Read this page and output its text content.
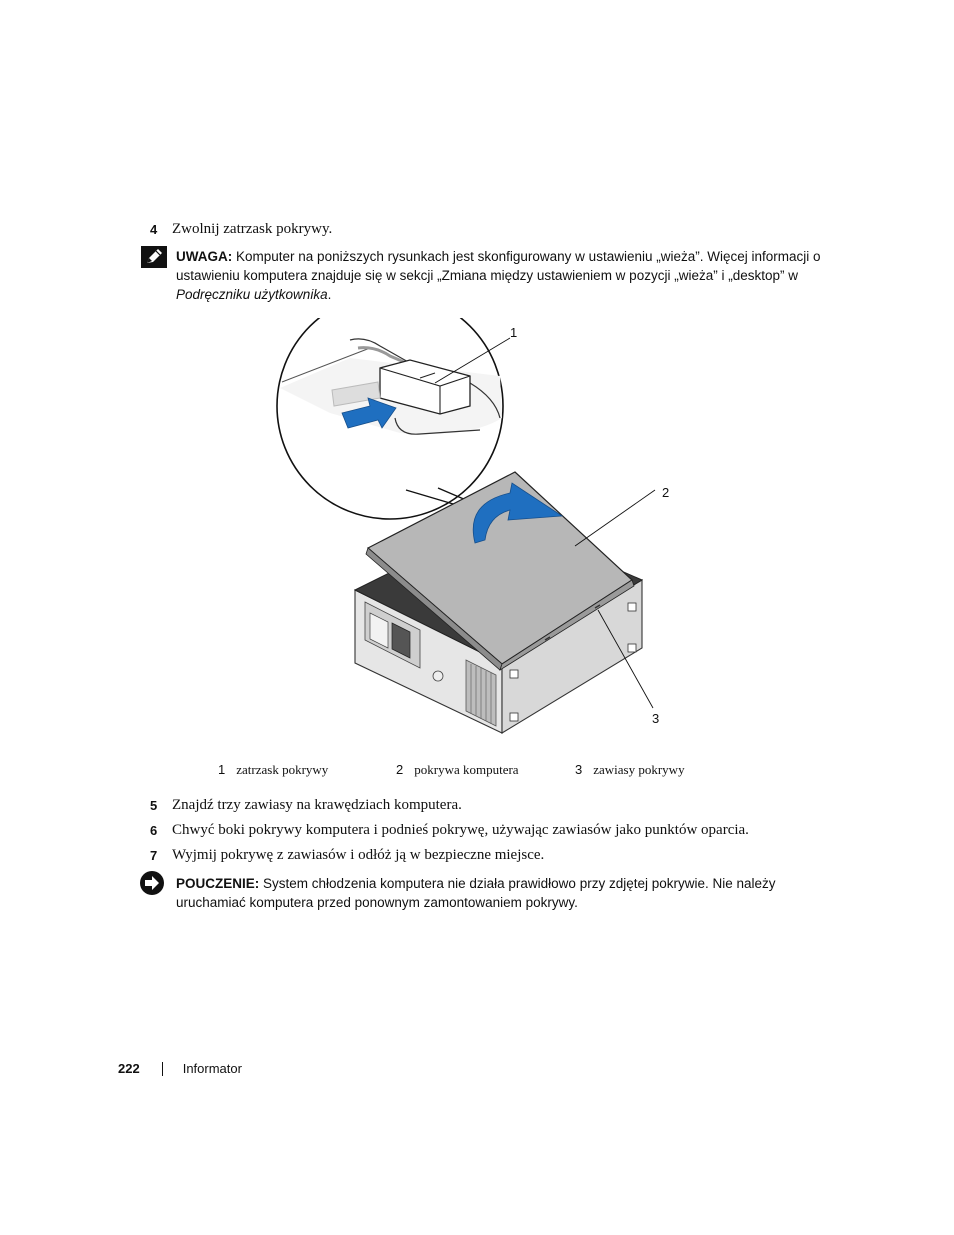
4 Zwolnij zatrzask pokrywy.
UWAGA: Komputer na poniższych rysunkach jest skonfigurowany w ustawieniu „wieża”. Więcej informacji o ustawieniu komputera znajduje się w sekcji „Zmiana między ustawieniem w pozycji „wieża” i „desktop” w Podręczniku użytkownika.
1
2
3
1 zatrzask pokrywy	2 pokrywa komputera	3 zawiasy pokrywy
5 Znajdź trzy zawiasy na krawędziach komputera.
6 Chwyć boki pokrywy komputera i podnieś pokrywę, używając zawiasów jako punktów oparcia.
7 Wyjmij pokrywę z zawiasów i odłóż ją w bezpieczne miejsce.
POUCZENIE: System chłodzenia komputera nie działa prawidłowo przy zdjętej pokrywie. Nie należy uruchamiać komputera przed ponownym zamontowaniem pokrywy.
222	Informator
